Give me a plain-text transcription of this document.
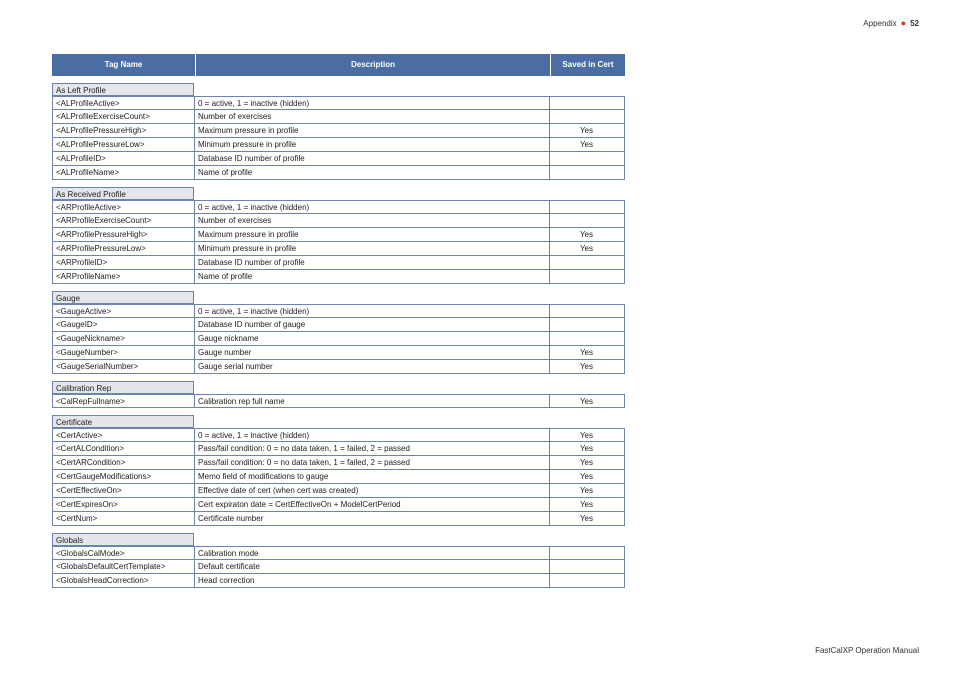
Appendix ● 52
Tag Name	Description	Saved in Cert
As Left Profile
<ALProfileActive>	0 = active, 1 = inactive (hidden)
<ALProfileExerciseCount>	Number of exercises
<ALProfilePressureHigh>	Maximum pressure in profile	Yes
<ALProfilePressureLow>	Minimum pressure in profile	Yes
<ALProfileID>	Database ID number of profile
<ALProfileName>	Name of profile
As Received Profile
<ARProfileActive>	0 = active, 1 = inactive (hidden)
<ARProfileExerciseCount>	Number of exercises
<ARProfilePressureHigh>	Maximum pressure in profile	Yes
<ARProfilePressureLow>	Minimum pressure in profile	Yes
<ARProfileID>	Database ID number of profile
<ARProfileName>	Name of profile
Gauge
<GaugeActive>	0 = active, 1 = inactive (hidden)
<GaugeID>	Database ID number of gauge
<GaugeNickname>	Gauge nickname
<GaugeNumber>	Gauge number	Yes
<GaugeSerialNumber>	Gauge serial number	Yes
Calibration Rep
<CalRepFullname>	Calibration rep full name	Yes
Certificate
<CertActive>	0 = active, 1 = inactive (hidden)	Yes
<CertALCondition>	Pass/fail condition: 0 = no data taken, 1 = failed, 2 = passed	Yes
<CertARCondition>	Pass/fail condition: 0 = no data taken, 1 = failed, 2 = passed	Yes
<CertGaugeModifications>	Memo field of modifications to gauge	Yes
<CertEffectiveOn>	Effective date of cert (when cert was created)	Yes
<CertExpiresOn>	Cert expiraton date = CertEffectiveOn + ModelCertPeriod	Yes
<CertNum>	Certificate number	Yes
Globals
<GlobalsCalMode>	Calibration mode
<GlobalsDefaultCertTemplate>	Default certificate
<GlobalsHeadCorrection>	Head correction
FastCalXP Operation Manual
